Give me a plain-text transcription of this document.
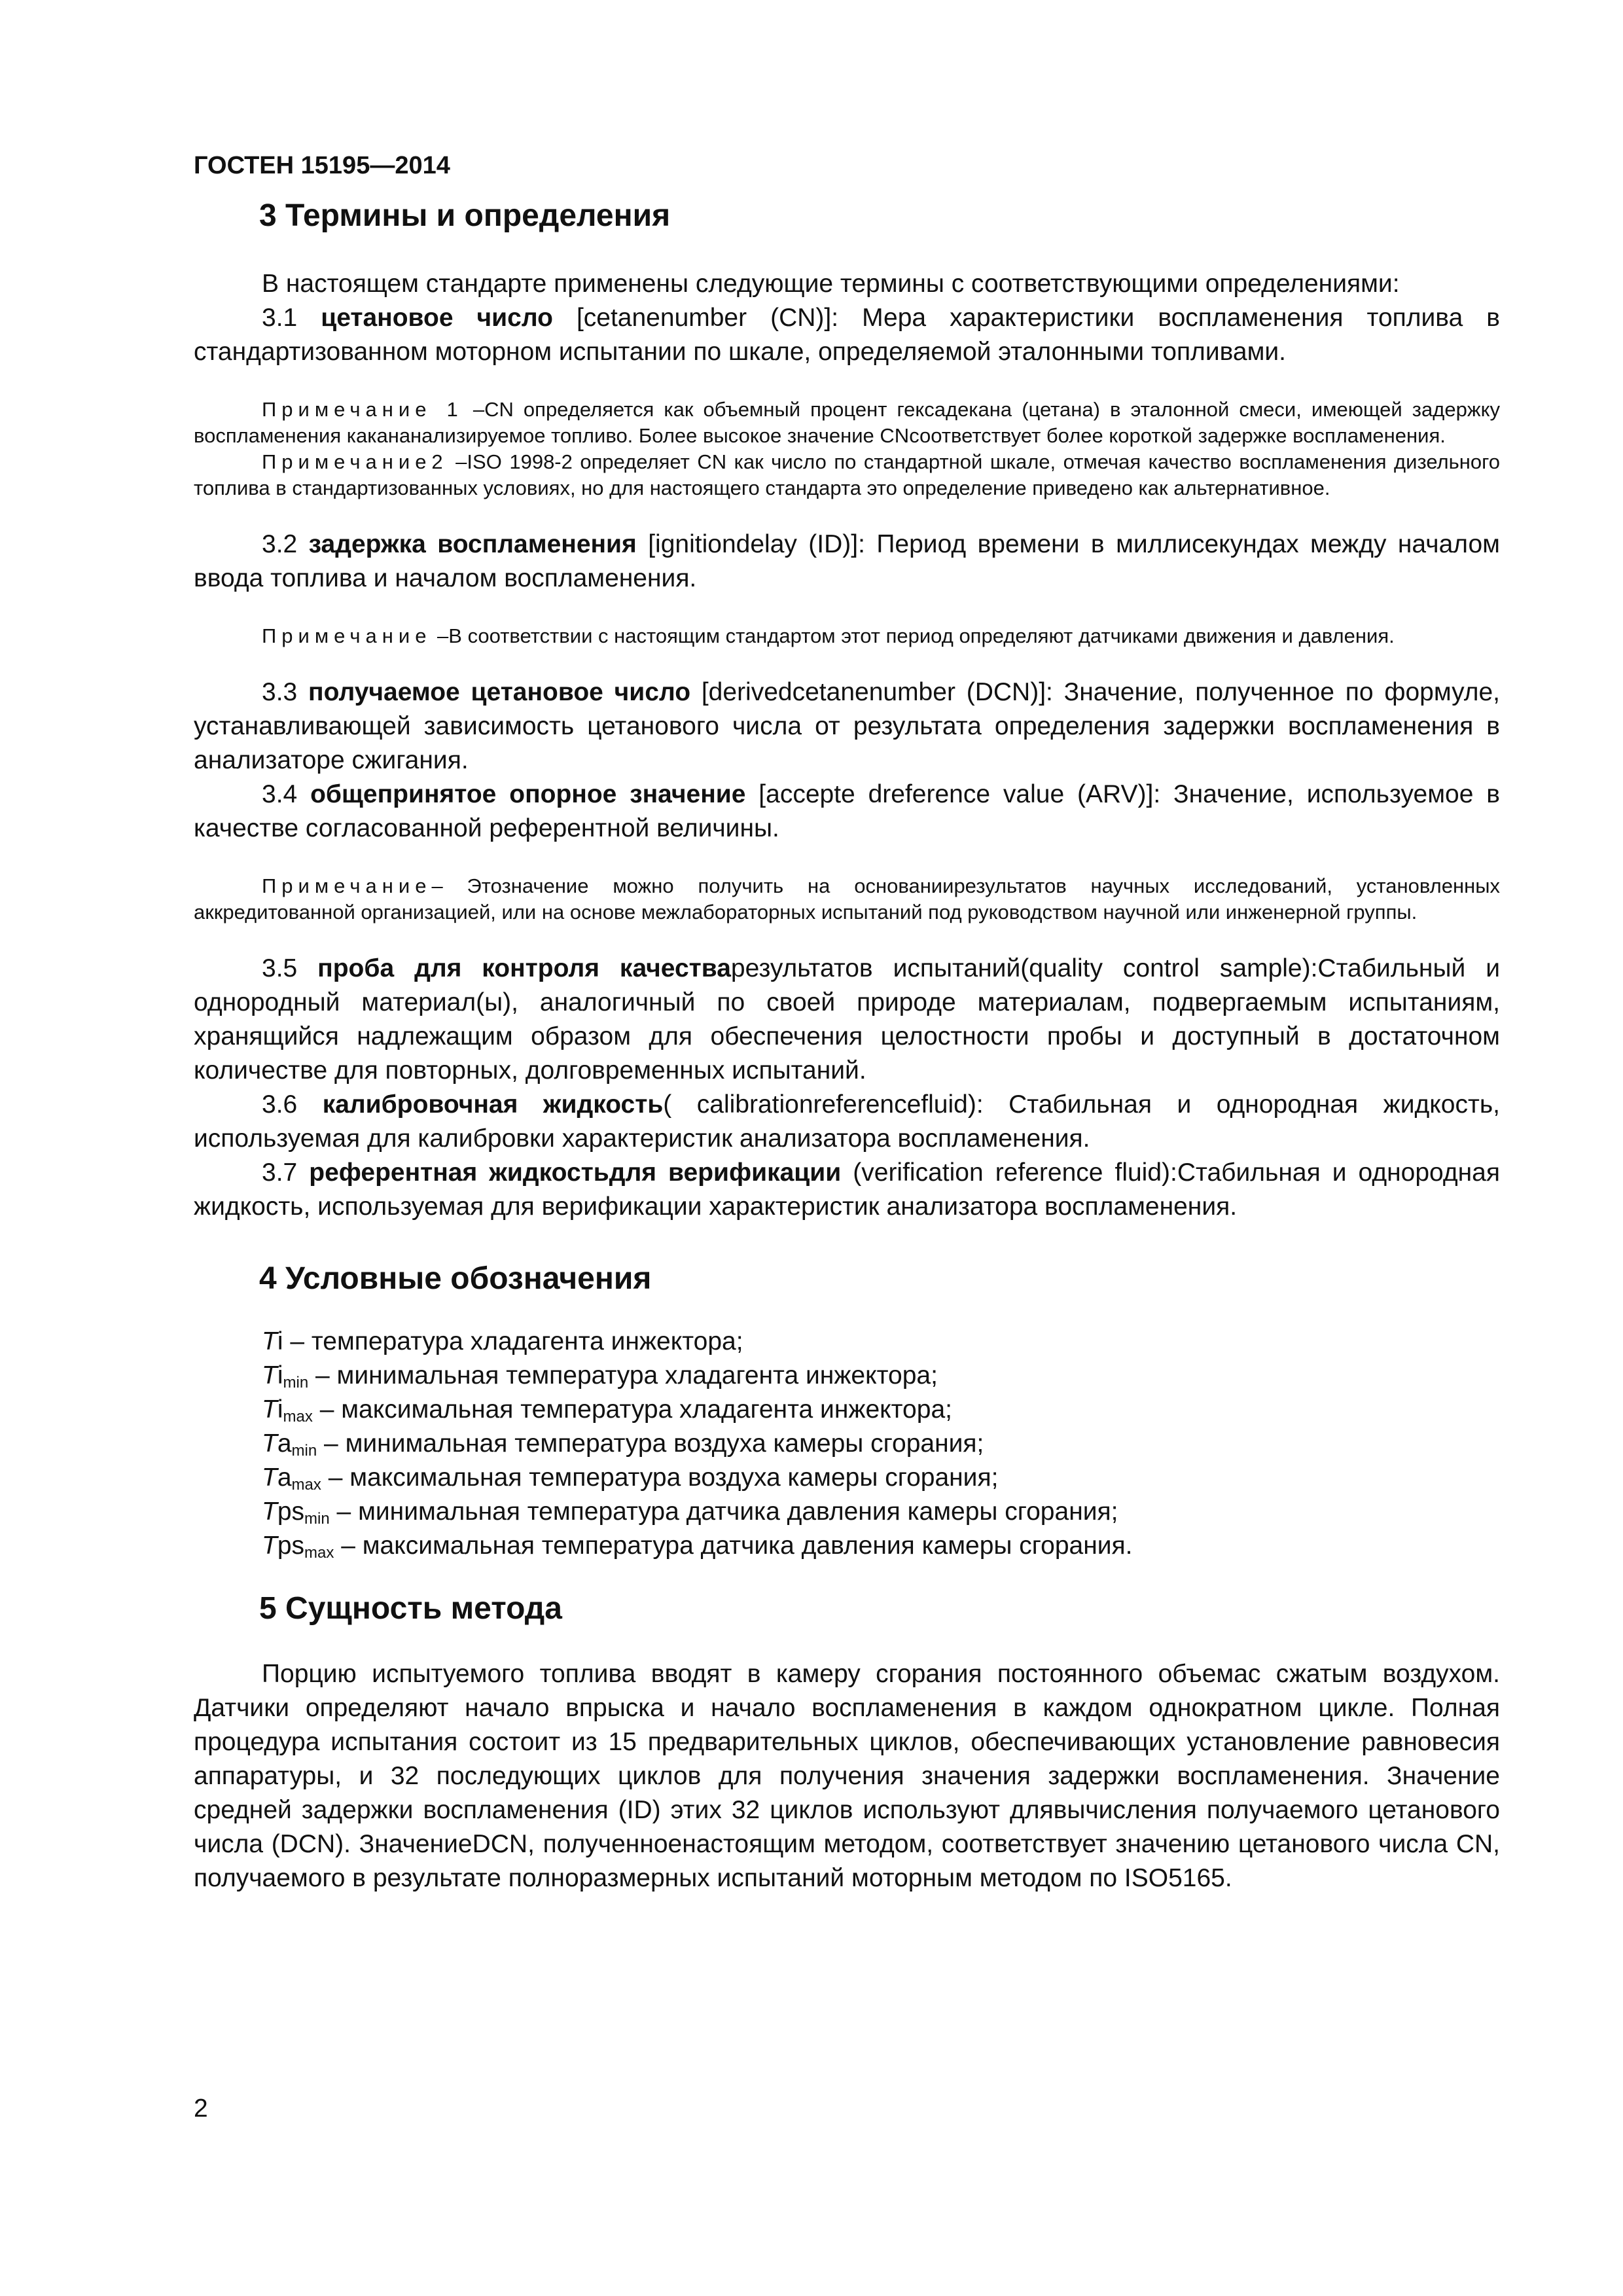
ГОСТЕН 15195—2014
3 Термины и определения

В настоящем стандарте применены следующие термины с соответствующими определениями:

3.1 цетановое число [cetanenumber (CN)]: Мера характеристики воспламенения топлива в стандартизованном моторном испытании по шкале, определяемой эталонными топливами.

Примечание 1 –CN определяется как объемный процент гексадекана (цетана) в эталонной смеси, имеющей задержку воспламенения какананализируемое топливо. Более высокое значение CNсоответствует более короткой задержке воспламенения.
Примечание2 –ISO 1998-2 определяет CN как число по стандартной шкале, отмечая качество воспламенения дизельного топлива в стандартизованных условиях, но для настоящего стандарта это определение приведено как альтернативное.

3.2 задержка воспламенения [ignitiondelay (ID)]: Период времени в миллисекундах между началом ввода топлива и началом воспламенения.

Примечание –В соответствии с настоящим стандартом этот период определяют датчиками движения и давления.

3.3 получаемое цетановое число [derivedcetanenumber (DCN)]: Значение, полученное по формуле, устанавливающей зависимость цетанового числа от результата определения задержки воспламенения в анализаторе сжигания.

3.4 общепринятое опорное значение [accepte dreference value (ARV)]: Значение, используемое в качестве согласованной референтной величины.

Примечание– Этозначение можно получить на основаниирезультатов научных исследований, установленных аккредитованной организацией, или на основе межлабораторных испытаний под руководством научной или инженерной группы.

3.5 проба для контроля качестварезультатов испытаний(quality control sample):Стабильный и однородный материал(ы), аналогичный по своей природе материалам, подвергаемым испытаниям, хранящийся надлежащим образом для обеспечения целостности пробы и доступный в достаточном количестве для повторных, долговременных испытаний.

3.6 калибровочная жидкость( calibrationreferencefluid): Стабильная и однородная жидкость, используемая для калибровки характеристик анализатора воспламенения.

3.7 референтная жидкостьдля верификации (verification reference fluid):Стабильная и однородная жидкость, используемая для верификации характеристик анализатора воспламенения.

4 Условные обозначения
Ti – температура хладагента инжектора;
$Ti_{min}$ – минимальная температура хладагента инжектора;
$Ti_{max}$ – максимальная температура хладагента инжектора;
$Ta_{min}$ – минимальная температура воздуха камеры сгорания;
$Ta_{max}$ – максимальная температура воздуха камеры сгорания;
Tps$_{min}$ – минимальная температура датчика давления камеры сгорания;
Tps$_{max}$ – максимальная температура датчика давления камеры сгорания.
5 Сущность метода

Порцию испытуемого топлива вводят в камеру сгорания постоянного объемас сжатым воздухом. Датчики определяют начало впрыска и начало воспламенения в каждом однократном цикле. Полная процедура испытания состоит из 15 предварительных циклов, обеспечивающих установление равновесия аппаратуры, и 32 последующих циклов для получения значения задержки воспламенения. Значение средней задержки воспламенения (ID) этих 32 циклов используют длявычисления получаемого цетанового числа (DCN). ЗначениеDCN, полученноенастоящим методом, соответствует значению цетанового числа CN, получаемого в результате полноразмерных испытаний моторным методом по ISO5165.

2
